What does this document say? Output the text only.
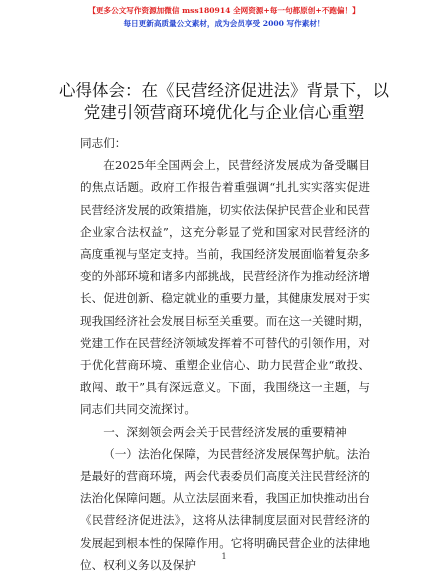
【更多公文写作资源加微信 mss180914 全网资源+每一句都原创+不跑偏！】
每日更新高质量公文素材，成为会员享受 2000 写作素材！
心得体会：在《民营经济促进法》背景下，以
党建引领营商环境优化与企业信心重塑

同志们：

在2025年全国两会上，民营经济发展成为备受瞩目的焦点话题。政府工作报告着重强调“扎扎实实落实促进民营经济发展的政策措施，切实依法保护民营企业和民营企业家合法权益”，这充分彰显了党和国家对民营经济的高度重视与坚定支持。当前，我国经济发展面临着复杂多变的外部环境和诸多内部挑战，民营经济作为推动经济增长、促进创新、稳定就业的重要力量，其健康发展对于实现我国经济社会发展目标至关重要。而在这一关键时期，党建工作在民营经济领域发挥着不可替代的引领作用，对于优化营商环境、重塑企业信心、助力民营企业“敢投、敢闯、敢干”具有深远意义。下面，我围绕这一主题，与同志们共同交流探讨。

一、深刻领会两会关于民营经济发展的重要精神

（一）法治化保障，为民营经济发展保驾护航。法治是最好的营商环境，两会代表委员们高度关注民营经济的法治化保障问题。从立法层面来看，我国正加快推动出台《民营经济促进法》，这将从法律制度层面对民营经济的发展起到根本性的保障作用。它将明确民营企业的法律地位、权利义务以及保护

1
